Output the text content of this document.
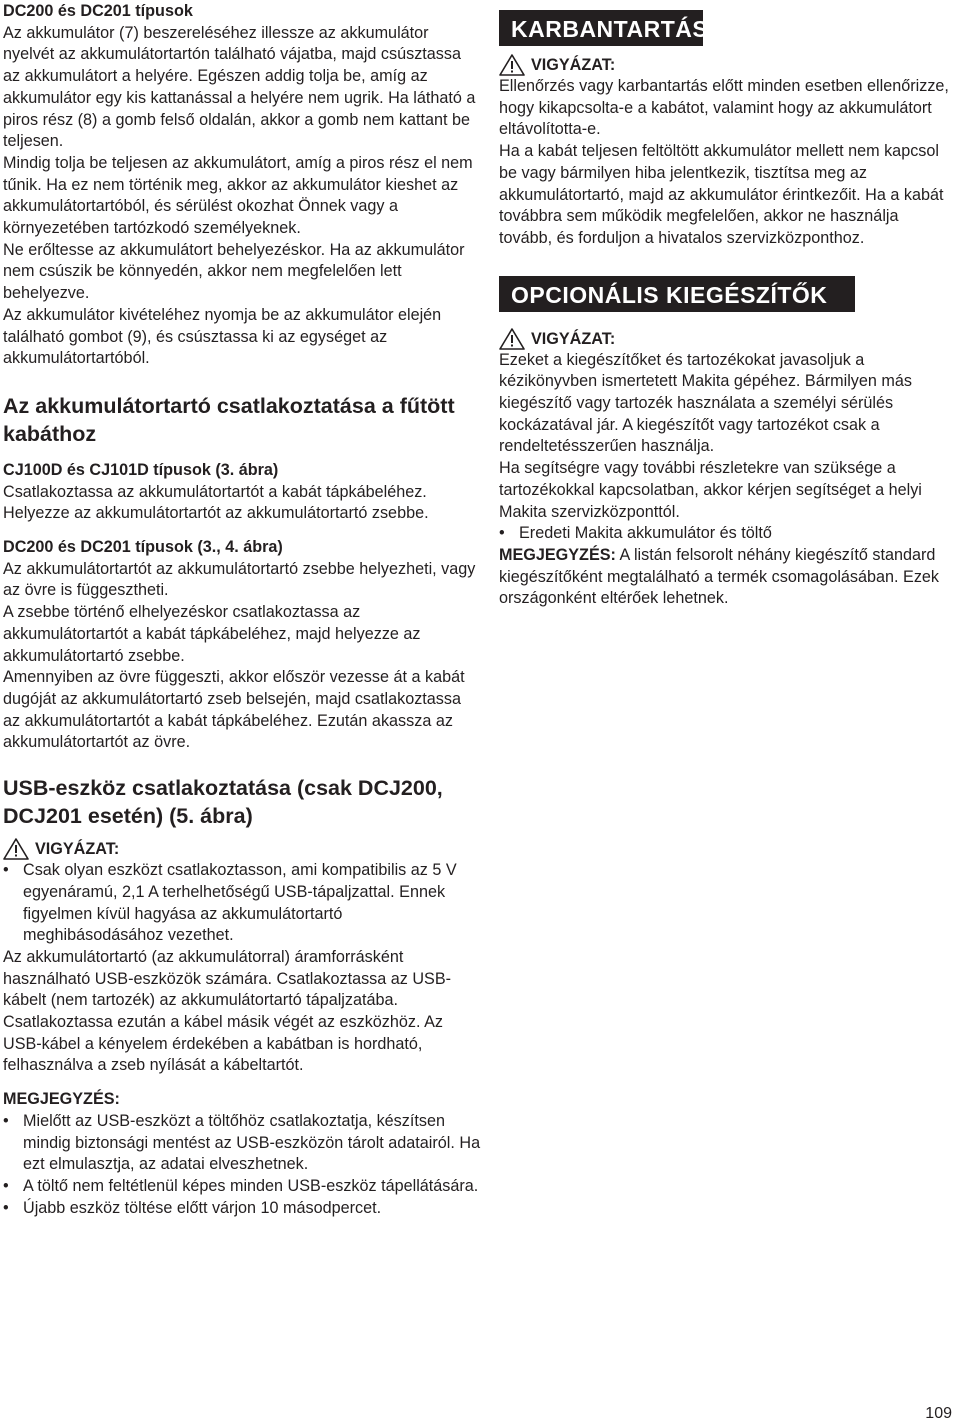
DC200 és DC201 típusok

Az akkumulátor (7) beszereléséhez illessze az akkumulátor nyelvét az akkumulátortartón található vájatba, majd csúsztassa az akkumulátort a helyére. Egészen addig tolja be, amíg az akkumulátor egy kis kattanással a helyére nem ugrik. Ha látható a piros rész (8) a gomb felső oldalán, akkor a gomb nem kattant be teljesen.

Mindig tolja be teljesen az akkumulátort, amíg a piros rész el nem tűnik. Ha ez nem történik meg, akkor az akkumulátor kieshet az akkumulátortartóból, és sérülést okozhat Önnek vagy a környezetében tartózkodó személyeknek.

Ne erőltesse az akkumulátort behelyezéskor. Ha az akkumulátor nem csúszik be könnyedén, akkor nem megfelelően lett behelyezve.

Az akkumulátor kivételéhez nyomja be az akkumulátor elején található gombot (9), és csúsztassa ki az egységet az akkumulátortartóból.

Az akkumulátortartó csatlakoztatása a fűtött kabáthoz

CJ100D és CJ101D típusok (3. ábra)

Csatlakoztassa az akkumulátortartót a kabát tápkábeléhez. Helyezze az akkumulátortartót az akkumulátortartó zsebbe.

DC200 és DC201 típusok (3., 4. ábra)

Az akkumulátortartót az akkumulátortartó zsebbe helyezheti, vagy az övre is függesztheti.

A zsebbe történő elhelyezéskor csatlakoztassa az akkumulátortartót a kabát tápkábeléhez, majd helyezze az akkumulátortartó zsebbe.

Amennyiben az övre függeszti, akkor először vezesse át a kabát dugóját az akkumulátortartó zseb belsején, majd csatlakoztassa az akkumulátortartót a kabát tápkábeléhez. Ezután akassza az akkumulátortartót az övre.

USB-eszköz csatlakoztatása (csak DCJ200, DCJ201 esetén) (5. ábra)
VIGYÁZAT:
• Csak olyan eszközt csatlakoztasson, ami kompatibilis az 5 V egyenáramú, 2,1 A terhelhetőségű USB-tápaljzattal. Ennek figyelmen kívül hagyása az akkumulátortartó meghibásodásához vezethet.

Az akkumulátortartó (az akkumulátorral) áramforrásként használható USB-eszközök számára. Csatlakoztassa az USB-kábelt (nem tartozék) az akkumulátortartó tápaljzatába. Csatlakoztassa ezután a kábel másik végét az eszközhöz. Az USB-kábel a kényelem érdekében a kabátban is hordható, felhasználva a zseb nyílását a kábeltartót.

MEGJEGYZÉS:

• Mielőtt az USB-eszközt a töltőhöz csatlakoztatja, készítsen mindig biztonsági mentést az USB-eszközön tárolt adatairól. Ha ezt elmulasztja, az adatai elveszhetnek.
• A töltő nem feltétlenül képes minden USB-eszköz tápellátására.
• Újabb eszköz töltése előtt várjon 10 másodpercet.
KARBANTARTÁS
VIGYÁZAT:

Ellenőrzés vagy karbantartás előtt minden esetben ellenőrizze, hogy kikapcsolta-e a kabátot, valamint hogy az akkumulátort eltávolította-e.

Ha a kabát teljesen feltöltött akkumulátor mellett nem kapcsol be vagy bármilyen hiba jelentkezik, tisztítsa meg az akkumulátortartó, majd az akkumulátor érintkezőit. Ha a kabát továbbra sem működik megfelelően, akkor ne használja tovább, és forduljon a hivatalos szervizközponthoz.

OPCIONÁLIS KIEGÉSZÍTŐK
VIGYÁZAT:

Ezeket a kiegészítőket és tartozékokat javasoljuk a kézikönyvben ismertetett Makita gépéhez. Bármilyen más kiegészítő vagy tartozék használata a személyi sérülés kockázatával jár. A kiegészítőt vagy tartozékot csak a rendeltetésszerűen használja.

Ha segítségre vagy további részletekre van szüksége a tartozékokkal kapcsolatban, akkor kérjen segítséget a helyi Makita szervizközponttól.

• Eredeti Makita akkumulátor és töltő

MEGJEGYZÉS: A listán felsorolt néhány kiegészítő standard kiegészítőként megtalálható a termék csomagolásában. Ezek országonként eltérőek lehetnek.

109
